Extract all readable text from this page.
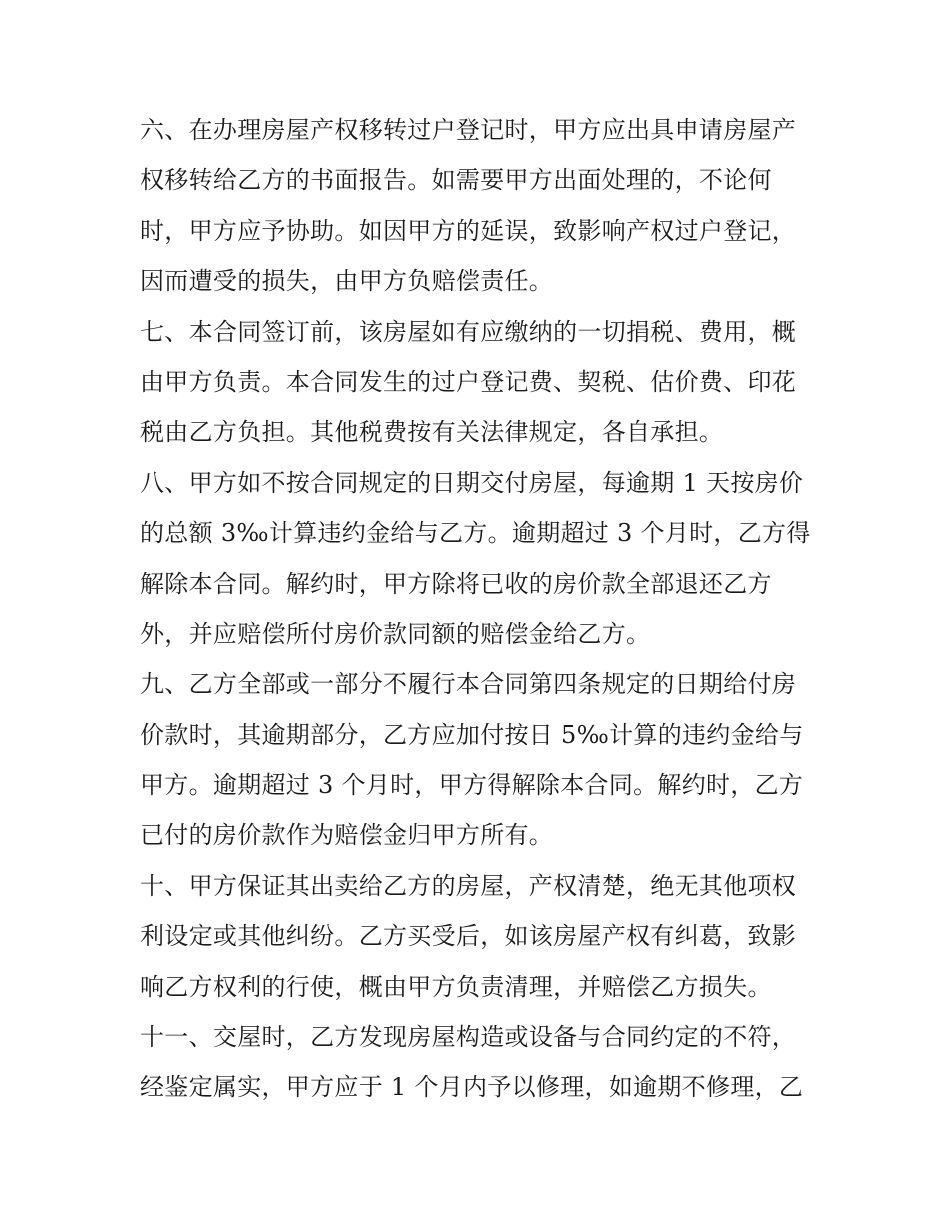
六、在办理房屋产权移转过户登记时，甲方应出具申请房屋产
权移转给乙方的书面报告。如需要甲方出面处理的，不论何
时，甲方应予协助。如因甲方的延误，致影响产权过户登记，
因而遭受的损失，由甲方负赔偿责任。
七、本合同签订前，该房屋如有应缴纳的一切捐税、费用，概
由甲方负责。本合同发生的过户登记费、契税、估价费、印花
税由乙方负担。其他税费按有关法律规定，各自承担。
八、甲方如不按合同规定的日期交付房屋，每逾期 1 天按房价
的总额 3‰计算违约金给与乙方。逾期超过 3 个月时，乙方得
解除本合同。解约时，甲方除将已收的房价款全部退还乙方
外，并应赔偿所付房价款同额的赔偿金给乙方。
九、乙方全部或一部分不履行本合同第四条规定的日期给付房
价款时，其逾期部分，乙方应加付按日 5‰计算的违约金给与
甲方。逾期超过 3 个月时，甲方得解除本合同。解约时，乙方
已付的房价款作为赔偿金归甲方所有。
十、甲方保证其出卖给乙方的房屋，产权清楚，绝无其他项权
利设定或其他纠纷。乙方买受后，如该房屋产权有纠葛，致影
响乙方权利的行使，概由甲方负责清理，并赔偿乙方损失。
十一、交屋时，乙方发现房屋构造或设备与合同约定的不符，
经鉴定属实，甲方应于 1 个月内予以修理，如逾期不修理，乙
